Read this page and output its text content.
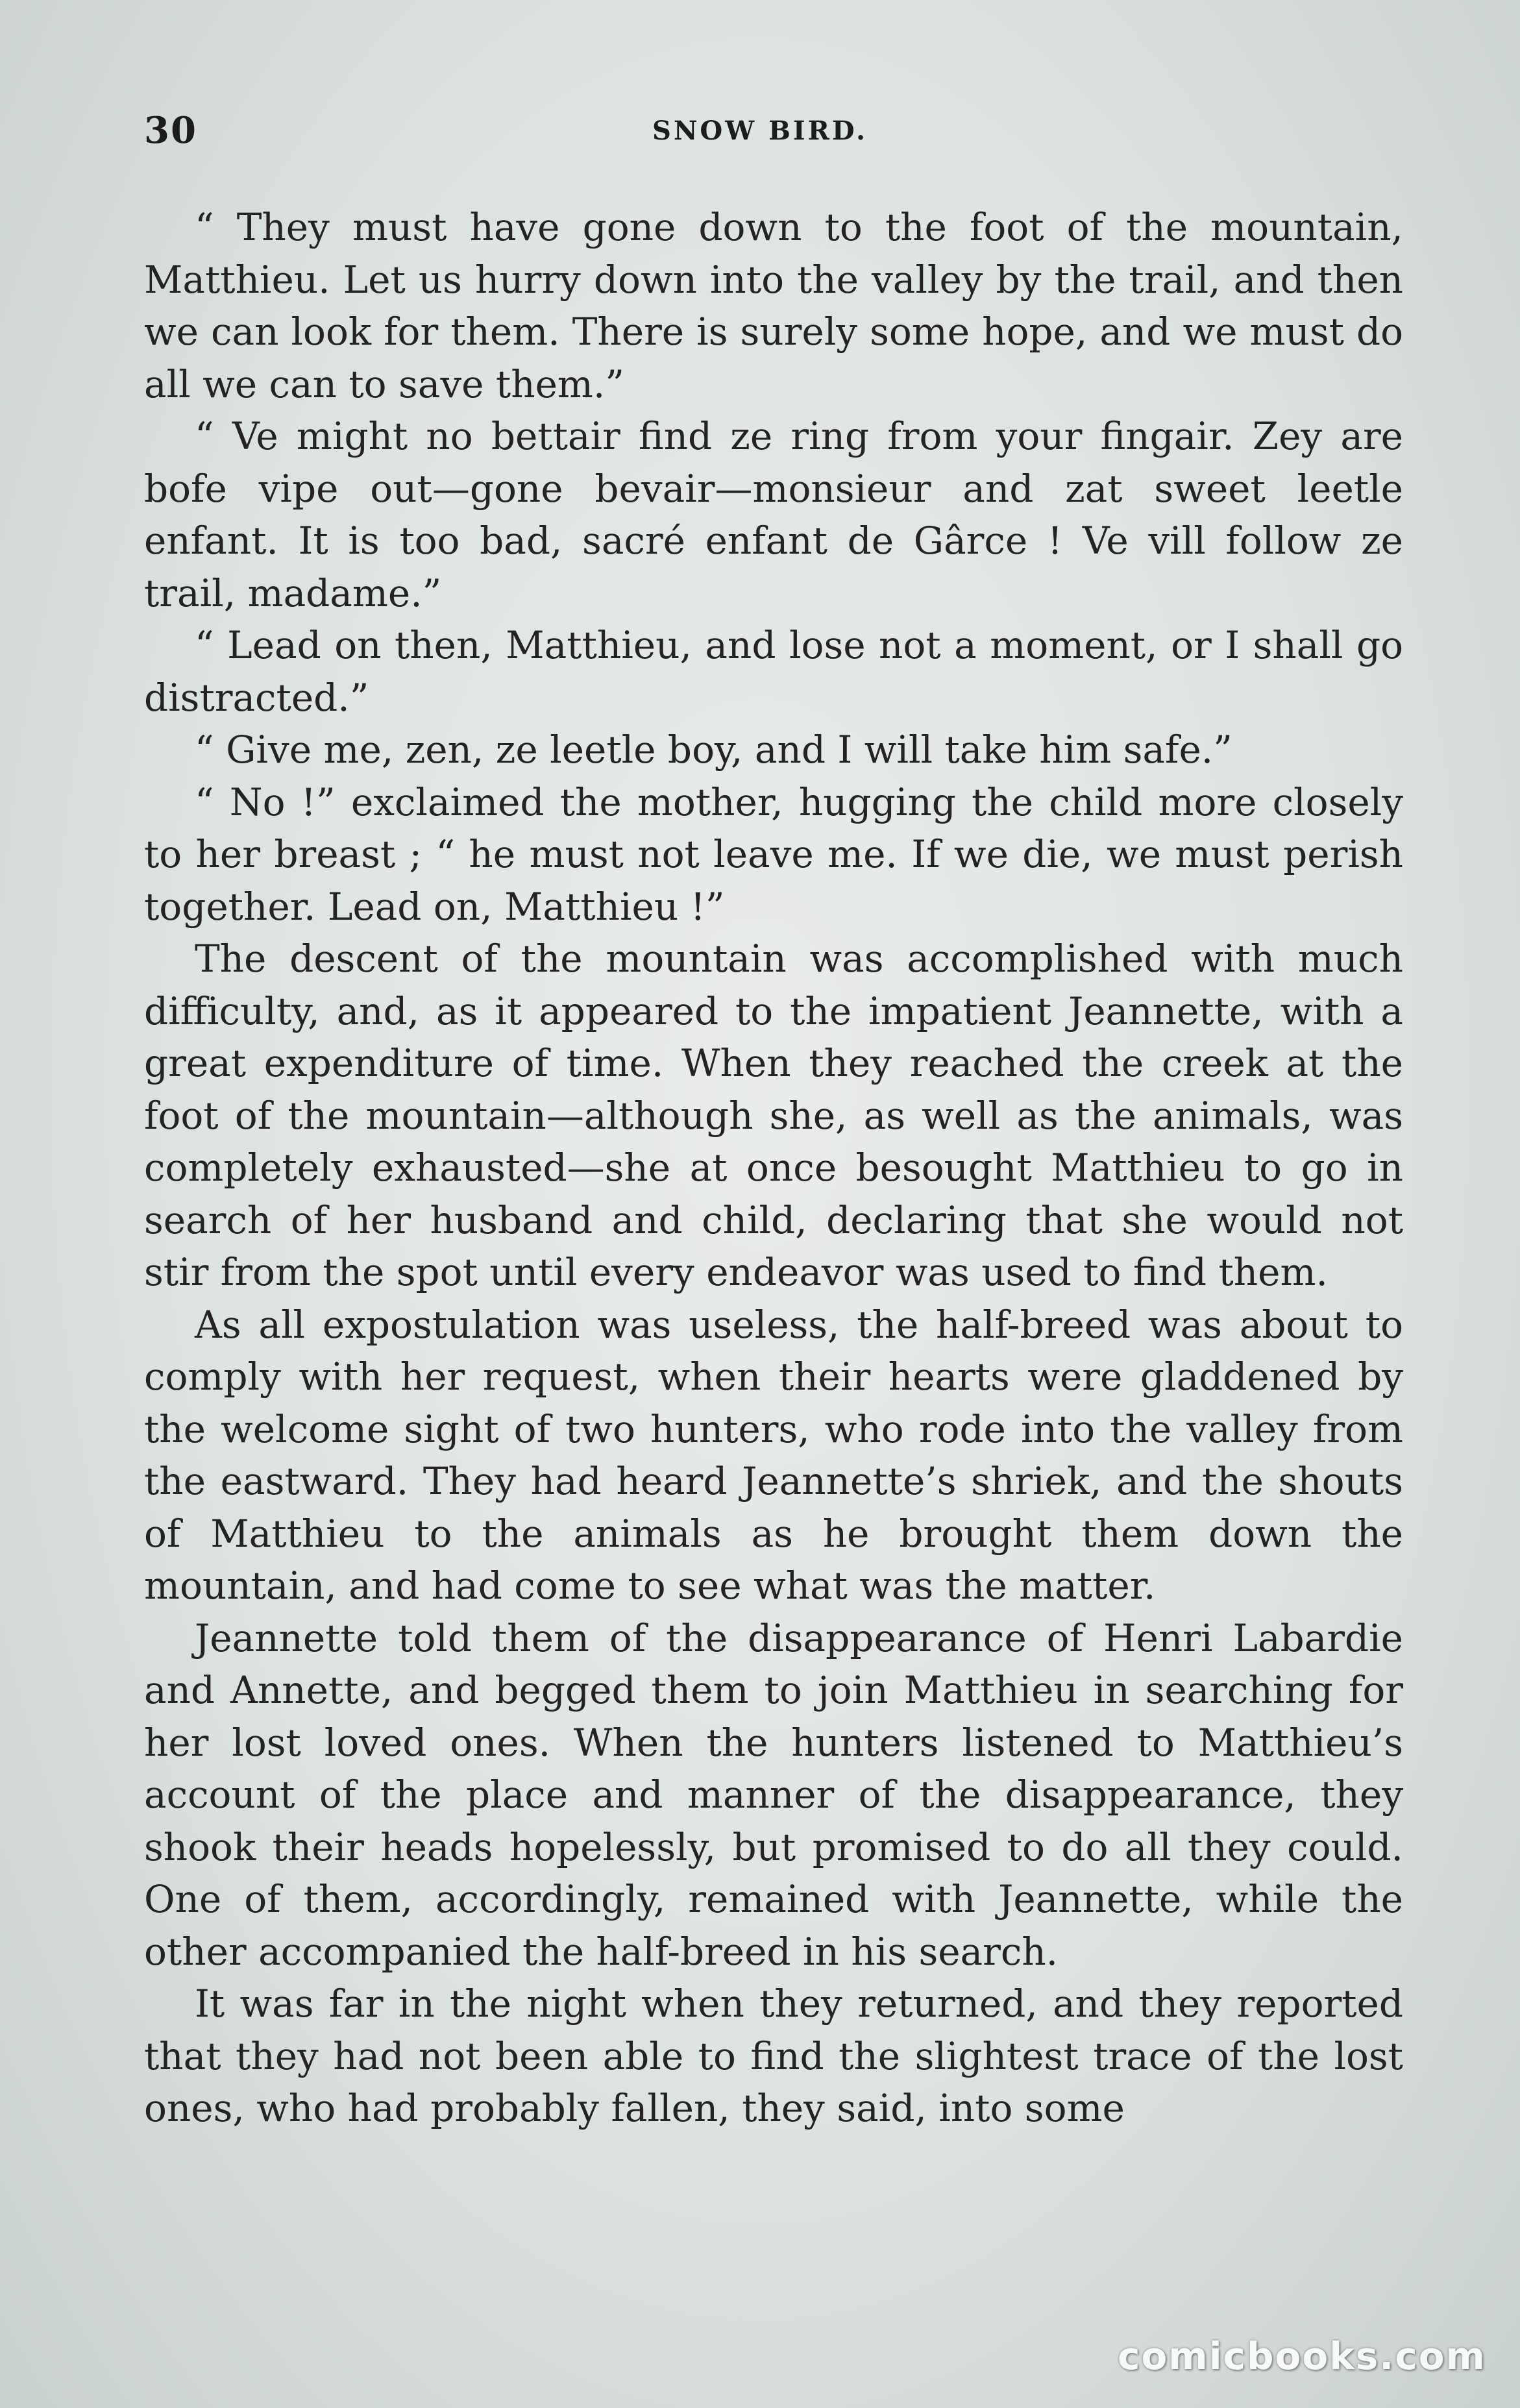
30	SNOW BIRD.

“ They must have gone down to the foot of the mountain, Matthieu. Let us hurry down into the valley by the trail, and then we can look for them. There is surely some hope, and we must do all we can to save them.”

“ Ve might no bettair find ze ring from your fingair. Zey are bofe vipe out—gone bevair—monsieur and zat sweet leetle enfant. It is too bad, sacré enfant de Gârce ! Ve vill follow ze trail, madame.”

“ Lead on then, Matthieu, and lose not a moment, or I shall go distracted.”

“ Give me, zen, ze leetle boy, and I will take him safe.”

“ No !” exclaimed the mother, hugging the child more closely to her breast ; “ he must not leave me. If we die, we must perish together. Lead on, Matthieu !”

The descent of the mountain was accomplished with much difficulty, and, as it appeared to the impatient Jeannette, with a great expenditure of time. When they reached the creek at the foot of the mountain—although she, as well as the animals, was completely exhausted—she at once besought Matthieu to go in search of her husband and child, declaring that she would not stir from the spot until every endeavor was used to find them.

As all expostulation was useless, the half-breed was about to comply with her request, when their hearts were gladdened by the welcome sight of two hunters, who rode into the valley from the eastward. They had heard Jeannette’s shriek, and the shouts of Matthieu to the animals as he brought them down the mountain, and had come to see what was the matter.

Jeannette told them of the disappearance of Henri Labardie and Annette, and begged them to join Matthieu in searching for her lost loved ones. When the hunters listened to Matthieu’s account of the place and manner of the disappearance, they shook their heads hopelessly, but promised to do all they could. One of them, accordingly, remained with Jeannette, while the other accompanied the half-breed in his search.

It was far in the night when they returned, and they reported that they had not been able to find the slightest trace of the lost ones, who had probably fallen, they said, into some

comicbooks.com
